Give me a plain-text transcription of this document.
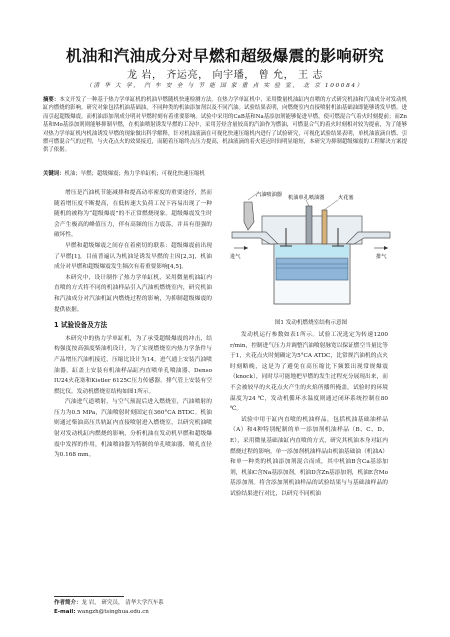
机油和汽油成分对早燃和超级爆震的影响研究
龙 岩， 齐运亮， 向宇璠， 曾 允， 王 志
（清 华 大 学， 汽 车 安 全 与 节 能 国 家 重 点 实 验 室， 北 京 100084）
摘要：本文开发了一种基于热力学单缸机的机油早燃随机快速检测方法。在热力学单缸机中，采用微量机油缸内直喷的方式研究机油和汽油成分对发动机缸内燃烧的影响。研究对象包括机油基础油，不同种类的机油添加剂以及不同汽油。试验结果表明，向燃烧室内直接喷射机油基础油即能够诱发早燃。进而引起超级爆震，而机油添加剂成分明对早燃时刻有着重要影响。试验中采用的CaB基和Na基添加剂能够促进早燃，使可燃混合气着火时刻提前；而Zn基和Mo基添加剂则能够抑制早燃，在机油喷射诱发早燃的工况中，采用芳烃含量较高的汽油作为燃油，可燃混合气的着火时刻相对较为提前，为了能够对热力学单缸机内机油诱发早燃的现象做出科学解释，针对机油液滴在可视化快速压缩机内进行了试验研究，可视化试验结果表明，单机油液滴自燃、引燃可燃混合气的过程，与火花点火的效果接近，而随着压缩终点压力提高，机油液滴的着火延迟时间明显缩短，本研究为抑制超级爆震的工程解决方案提供了依据。
关键词：机油；早燃；超级爆震；热力学单缸机；可视化快速压缩机

增压是汽油机节能减排和提高动率密度的重要途径，然而随着增压度不断提高，在低转速大负荷工况下容易出现了一种随机的被称为“超级爆震”的不正常燃烧现象。超级爆震发生时会产生极高的峰值压力，伴有高频的压力震荡，并具有很强的破坏性。

早燃和超级爆震之间存在着密切的联系：超级爆震前出现了早燃[1]，目前普遍认为机油是诱发早燃的主因[2,3]，机油成分对早燃和超级爆震发生频次有着重要影响[4,5]。

本研究中，设计制作了热力学单缸机，采用微量机油缸内直喷的方式将不同的机油样品引入汽油机燃烧室内，研究机油和汽油成分对汽油机缸内燃烧过程的影响，为抑制超级爆震的提供依据。

1 试验设备及方法

本研究中的热力学单缸机，为了承受超级爆震的冲击，结构强度按高强度柴油机设计，为了实现燃烧室内热力学条件与产品增压汽油机接近，压缩比设计为14，进气通上安装汽油喷油器，缸盖上安装有机油样品缸内直喷单孔喷油器、Denso IU24火花塞和Kistler 6125C压力传感器。排气管上安装有空燃比仪。发动机燃烧室结构如图1所示。

汽油进气道喷射，与空气预混后进入燃烧室，汽油喷射的压力为0.5 MPa，汽油喷射时刻固定在360°CA BTDC。机油则通过柴油高压共轨缸内直接喷射进入燃烧室，以研究机油喷射对发动机缸内燃烧的影响，分析机油在发动机早燃和超级爆震中发挥的作用，机油喷油器为特制的单孔喷油器，喷孔直径为0.168 mm。

汽油喷油器 机油单孔喷油器	火花塞
进气	排气
图1 发动机燃烧室结构示意图

发动机运行参数如表1所示。试验工况选定为转速1200 r/min，控制进气压力并调整汽油喷射脉宽以保证燃空当量比等于1，火花点火时刻确定为5°CA ATDC，比常规汽油机的点火时刻略晚，这是为了避免在高压缩比下频繁出现常规爆震（knock），同时尽可能地把早燃的发生过程充分展现出来，而不会被较早的火花点火产生的火焰所播所掩盖。试验时的环境温度为24 ℃，发动机循环水温度则通过闭环系统控制在80 ℃。

试验中用于缸内直喷的机油样品，包括机油基础油样品（A）和4种特别配制的单一添加剂机油样品（B、C、D、E），采用微量基础油缸内直喷的方式，研究其机油本身对缸内燃烧过程的影响。单一添加剂机油样品由机油基础油（机油A）和单一种类的机油添加剂混合而成，其中机油B含Ca基添加剂，机油C含Na基添加剂，机油D含Zn基添加剂，机油E含Mo基添加剂。将含添加剂机油样品的试验结果与与基础油样品的试验结果进行对比，以研究不同机油

作者简介：龙 岩， 研究员， 清华大学汽车系
E-mail: wangzh@tsinghua.edu.cn
